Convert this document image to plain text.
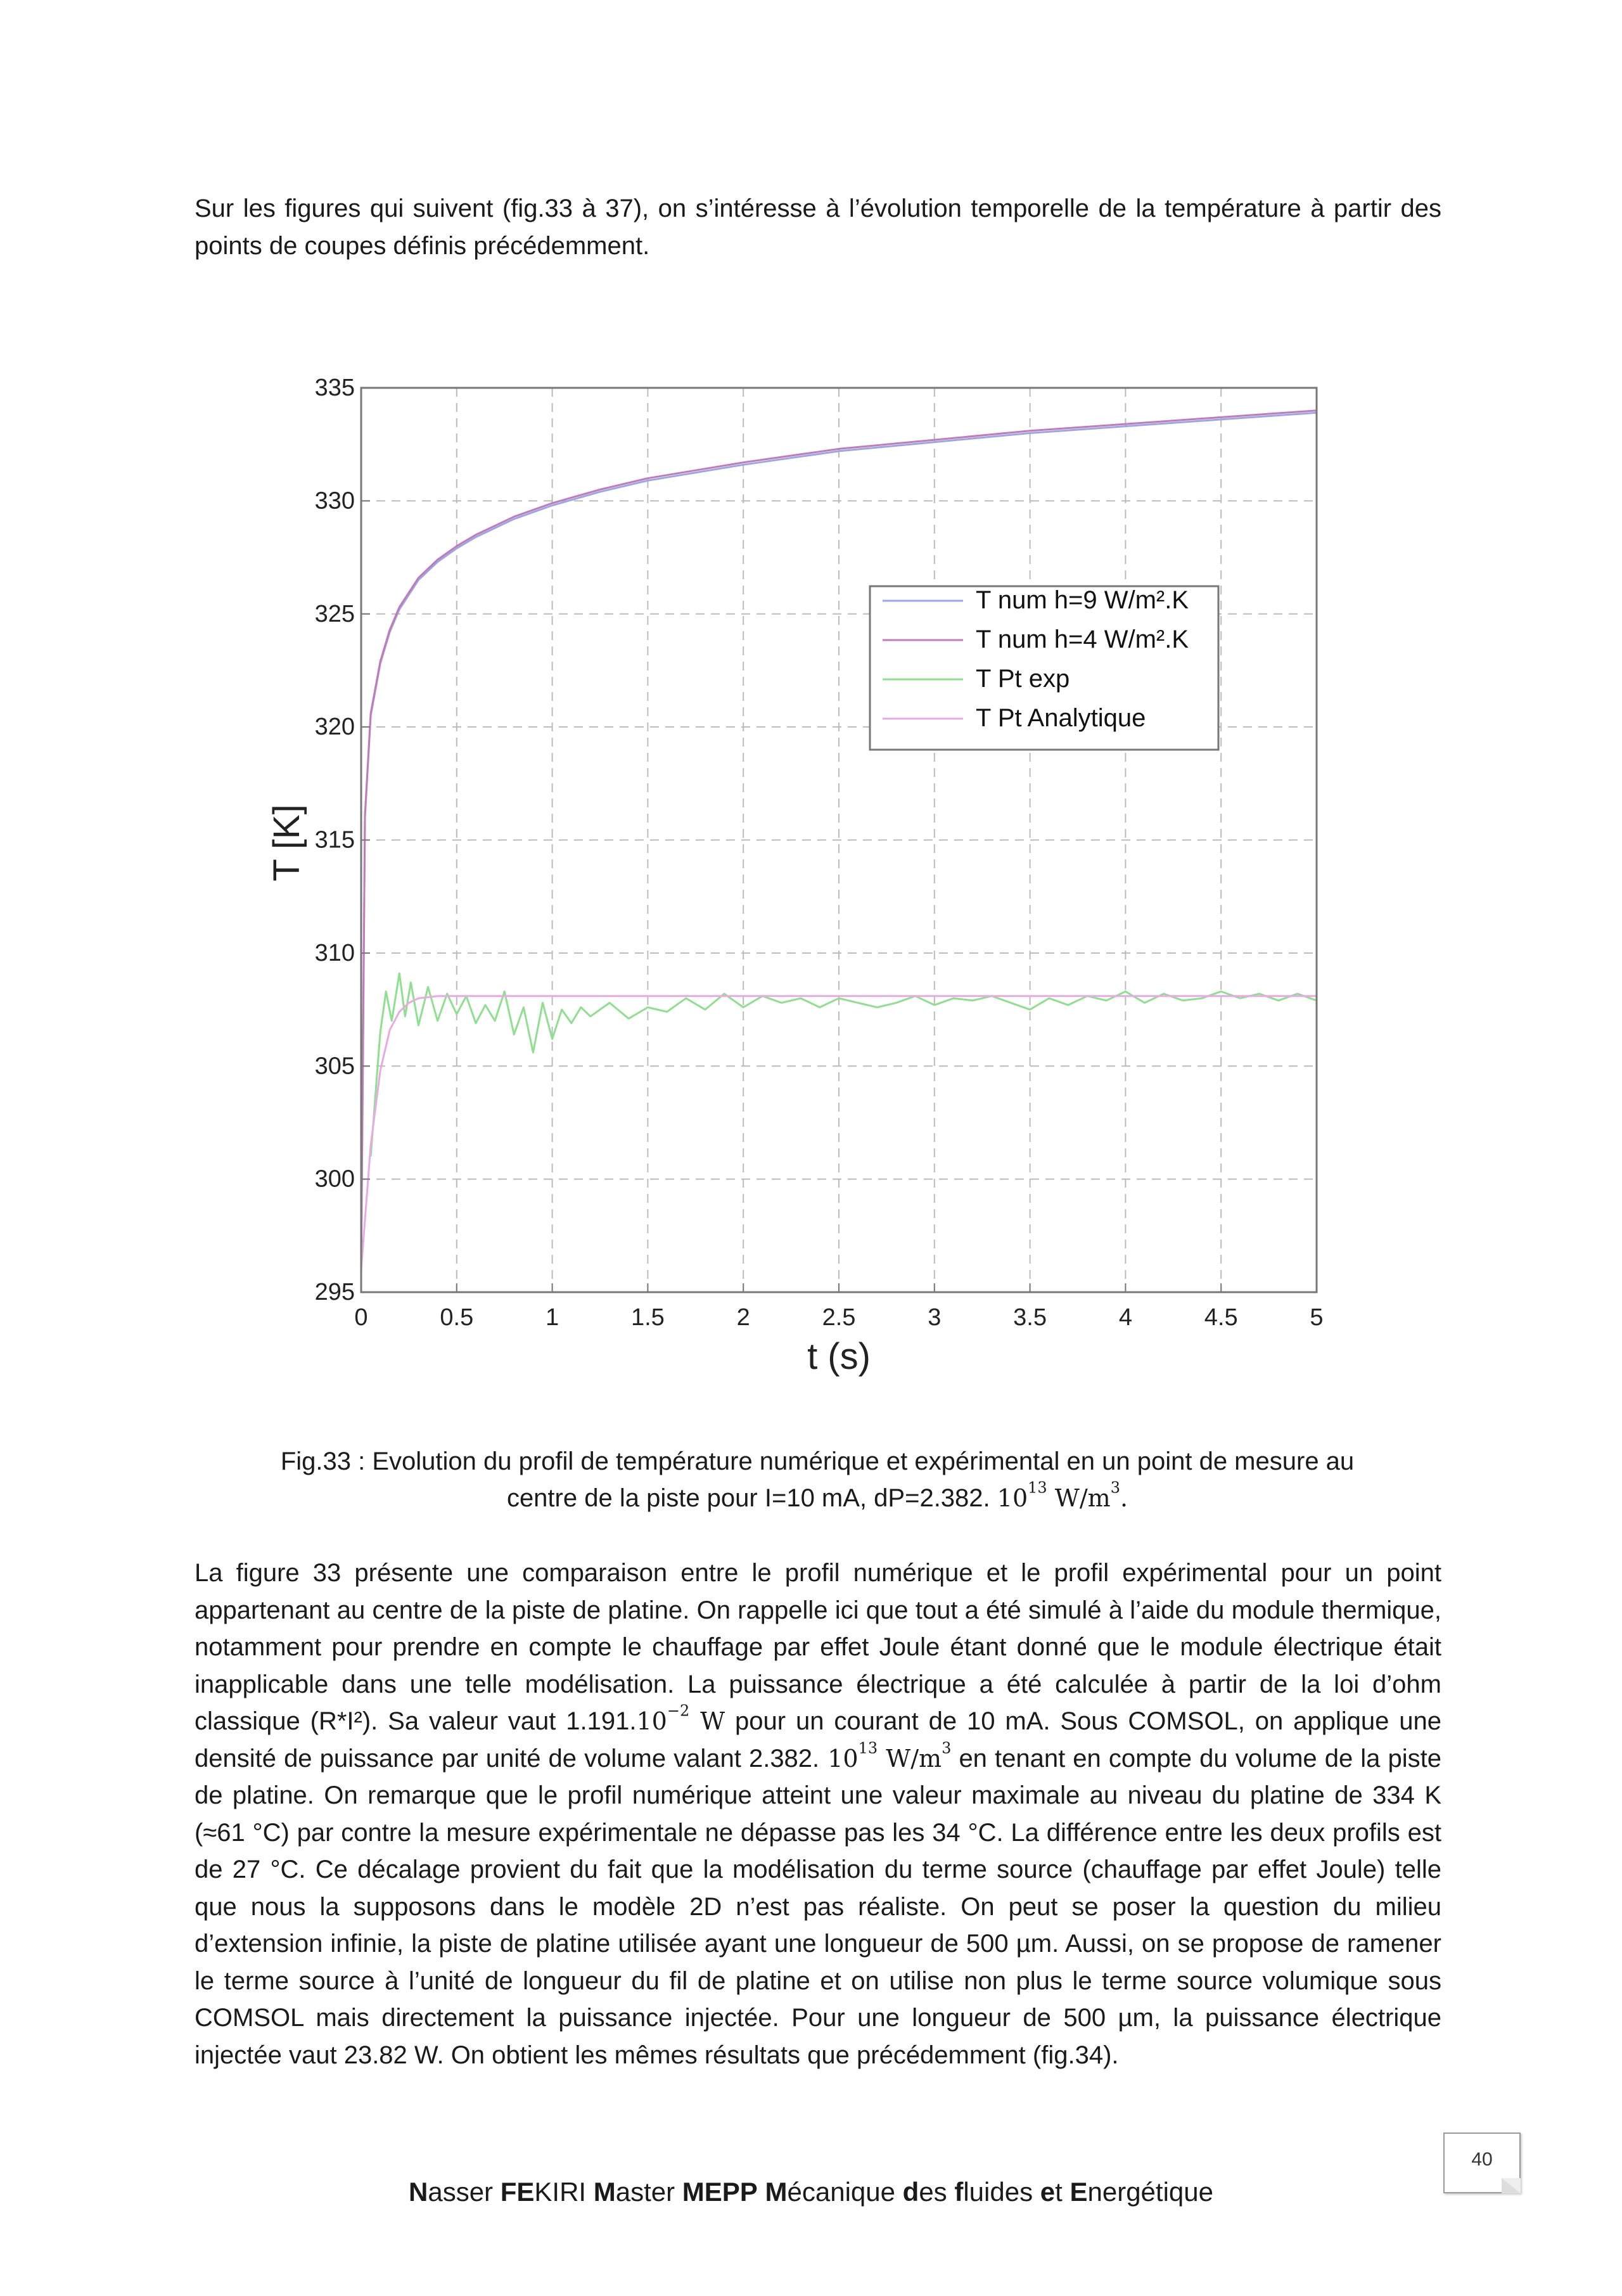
Sur les figures qui suivent (fig.33 à 37), on s’intéresse à l’évolution temporelle de la température à partir des points de coupes définis précédemment.
0	0.5	1	1.5	2	2.5	3	3.5	4	4.5	5
295
300
305
310
315
320
325
330
335
t (s)
T [K]
T num h=9 W/m².K
T num h=4 W/m².K
T Pt exp
T Pt Analytique
Fig.33 : Evolution du profil de température numérique et expérimental en un point de mesure au
centre de la piste pour I=10 mA, dP=2.382. $10^{13}$ $W/m^3$.
La figure 33 présente une comparaison entre le profil numérique et le profil expérimental pour un point appartenant au centre de la piste de platine. On rappelle ici que tout a été simulé à l’aide du module thermique, notamment pour prendre en compte le chauffage par effet Joule étant donné que le module électrique était inapplicable dans une telle modélisation. La puissance électrique a été calculée à partir de la loi d’ohm classique (R*I²). Sa valeur vaut $1.191.10^{-2}$ W pour un courant de 10 mA. Sous COMSOL, on applique une densité de puissance par unité de volume valant 2.382. $10^{13}$ $W/m^3$ en tenant en compte du volume de la piste de platine. On remarque que le profil numérique atteint une valeur maximale au niveau du platine de 334 K (≈61 °C) par contre la mesure expérimentale ne dépasse pas les 34 °C. La différence entre les deux profils est de 27 °C. Ce décalage provient du fait que la modélisation du terme source (chauffage par effet Joule) telle que nous la supposons dans le modèle 2D n’est pas réaliste. On peut se poser la question du milieu d’extension infinie, la piste de platine utilisée ayant une longueur de 500 µm. Aussi, on se propose de ramener le terme source à l’unité de longueur du fil de platine et on utilise non plus le terme source volumique sous COMSOL mais directement la puissance injectée. Pour une longueur de 500 µm, la puissance électrique injectée vaut 23.82 W. On obtient les mêmes résultats que précédemment (fig.34).
40
Nasser FEKIRI Master MEPP Mécanique des fluides et Energétique
